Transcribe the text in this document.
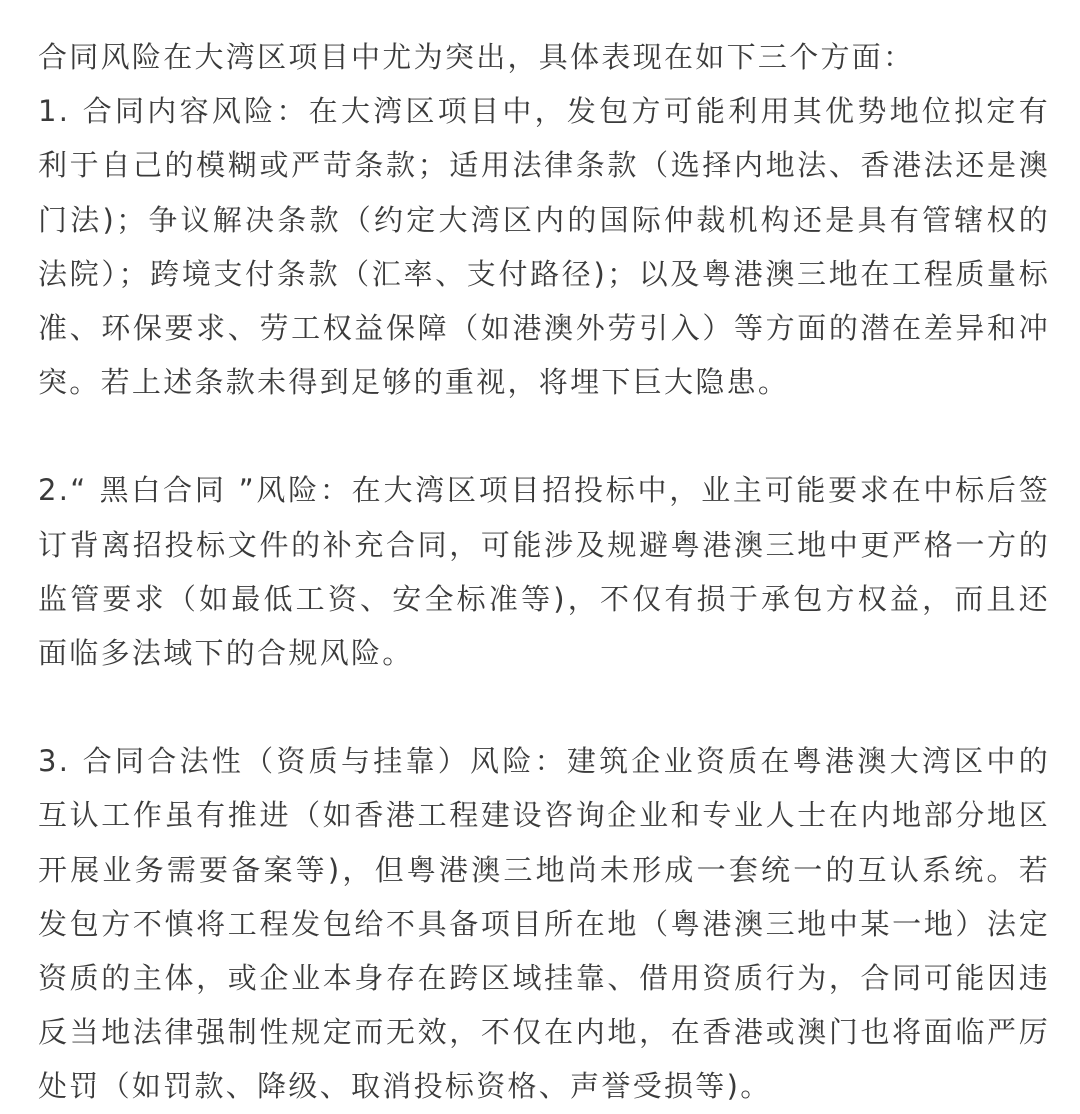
合同风险在大湾区项目中尤为突出，具体表现在如下三个方面：

1. 合同内容风险：在大湾区项目中，发包方可能利用其优势地位拟定有利于自己的模糊或严苛条款；适用法律条款（选择内地法、香港法还是澳门法)；争议解决条款（约定大湾区内的国际仲裁机构还是具有管辖权的法院）；跨境支付条款（汇率、支付路径)；以及粤港澳三地在工程质量标准、环保要求、劳工权益保障（如港澳外劳引入）等方面的潜在差异和冲突。若上述条款未得到足够的重视，将埋下巨大隐患。

2.“ 黑白合同 ”风险：在大湾区项目招投标中，业主可能要求在中标后签订背离招投标文件的补充合同，可能涉及规避粤港澳三地中更严格一方的监管要求（如最低工资、安全标准等)，不仅有损于承包方权益，而且还面临多法域下的合规风险。

3. 合同合法性（资质与挂靠）风险：建筑企业资质在粤港澳大湾区中的互认工作虽有推进（如香港工程建设咨询企业和专业人士在内地部分地区开展业务需要备案等)，但粤港澳三地尚未形成一套统一的互认系统。若发包方不慎将工程发包给不具备项目所在地（粤港澳三地中某一地）法定资质的主体，或企业本身存在跨区域挂靠、借用资质行为，合同可能因违反当地法律强制性规定而无效，不仅在内地，在香港或澳门也将面临严厉处罚（如罚款、降级、取消投标资格、声誉受损等)。
